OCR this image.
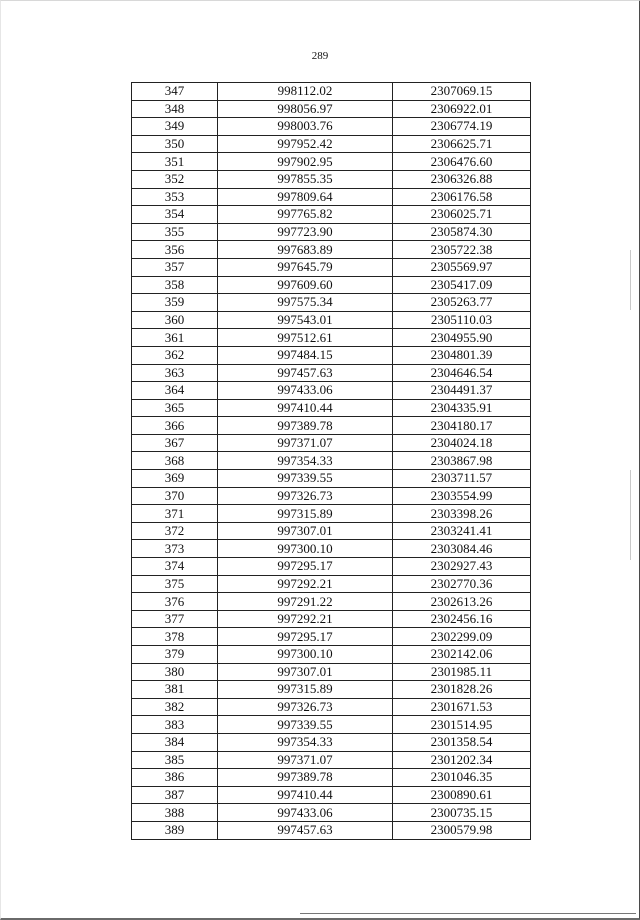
289
347	998112.02	2307069.15
348	998056.97	2306922.01
349	998003.76	2306774.19
350	997952.42	2306625.71
351	997902.95	2306476.60
352	997855.35	2306326.88
353	997809.64	2306176.58
354	997765.82	2306025.71
355	997723.90	2305874.30
356	997683.89	2305722.38
357	997645.79	2305569.97
358	997609.60	2305417.09
359	997575.34	2305263.77
360	997543.01	2305110.03
361	997512.61	2304955.90
362	997484.15	2304801.39
363	997457.63	2304646.54
364	997433.06	2304491.37
365	997410.44	2304335.91
366	997389.78	2304180.17
367	997371.07	2304024.18
368	997354.33	2303867.98
369	997339.55	2303711.57
370	997326.73	2303554.99
371	997315.89	2303398.26
372	997307.01	2303241.41
373	997300.10	2303084.46
374	997295.17	2302927.43
375	997292.21	2302770.36
376	997291.22	2302613.26
377	997292.21	2302456.16
378	997295.17	2302299.09
379	997300.10	2302142.06
380	997307.01	2301985.11
381	997315.89	2301828.26
382	997326.73	2301671.53
383	997339.55	2301514.95
384	997354.33	2301358.54
385	997371.07	2301202.34
386	997389.78	2301046.35
387	997410.44	2300890.61
388	997433.06	2300735.15
389	997457.63	2300579.98
